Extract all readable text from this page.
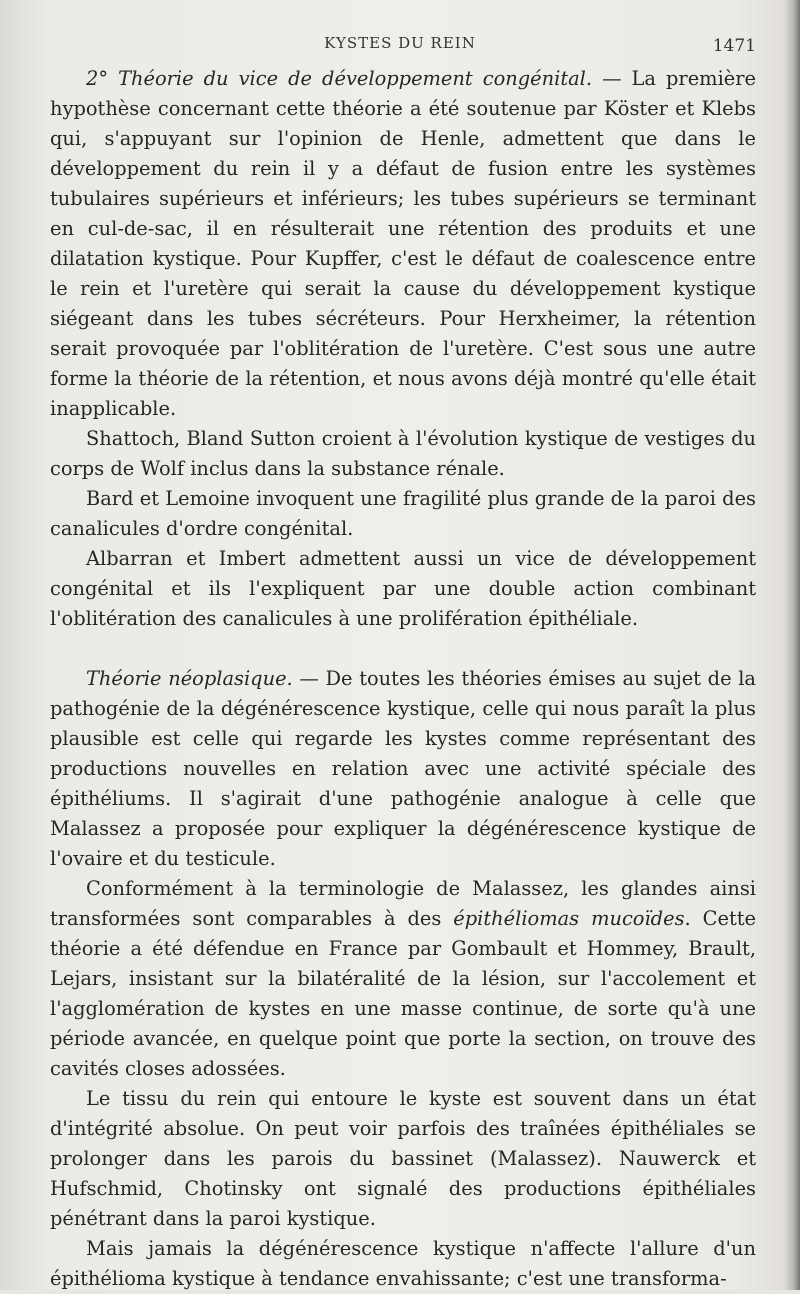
KYSTES DU REIN	1471

2° Théorie du vice de développement congénital. — La première hypothèse concernant cette théorie a été soutenue par Köster et Klebs qui, s'appuyant sur l'opinion de Henle, admettent que dans le développement du rein il y a défaut de fusion entre les systèmes tubulaires supérieurs et inférieurs; les tubes supérieurs se terminant en cul-de-sac, il en résulterait une rétention des produits et une dilatation kystique. Pour Kupffer, c'est le défaut de coalescence entre le rein et l'uretère qui serait la cause du développement kystique siégeant dans les tubes sécréteurs. Pour Herxheimer, la rétention serait provoquée par l'oblitération de l'uretère. C'est sous une autre forme la théorie de la rétention, et nous avons déjà montré qu'elle était inapplicable.

Shattoch, Bland Sutton croient à l'évolution kystique de vestiges du corps de Wolf inclus dans la substance rénale.

Bard et Lemoine invoquent une fragilité plus grande de la paroi des canalicules d'ordre congénital.

Albarran et Imbert admettent aussi un vice de développement congénital et ils l'expliquent par une double action combinant l'oblitération des canalicules à une prolifération épithéliale.

Théorie néoplasique. — De toutes les théories émises au sujet de la pathogénie de la dégénérescence kystique, celle qui nous paraît la plus plausible est celle qui regarde les kystes comme représentant des productions nouvelles en relation avec une activité spéciale des épithéliums. Il s'agirait d'une pathogénie analogue à celle que Malassez a proposée pour expliquer la dégénérescence kystique de l'ovaire et du testicule.

Conformément à la terminologie de Malassez, les glandes ainsi transformées sont comparables à des épithéliomas mucoïdes. Cette théorie a été défendue en France par Gombault et Hommey, Brault, Lejars, insistant sur la bilatéralité de la lésion, sur l'accolement et l'agglomération de kystes en une masse continue, de sorte qu'à une période avancée, en quelque point que porte la section, on trouve des cavités closes adossées.

Le tissu du rein qui entoure le kyste est souvent dans un état d'intégrité absolue. On peut voir parfois des traînées épithéliales se prolonger dans les parois du bassinet (Malassez). Nauwerck et Hufschmid, Chotinsky ont signalé des productions épithéliales pénétrant dans la paroi kystique.

Mais jamais la dégénérescence kystique n'affecte l'allure d'un épithélioma kystique à tendance envahissante; c'est une transforma-
